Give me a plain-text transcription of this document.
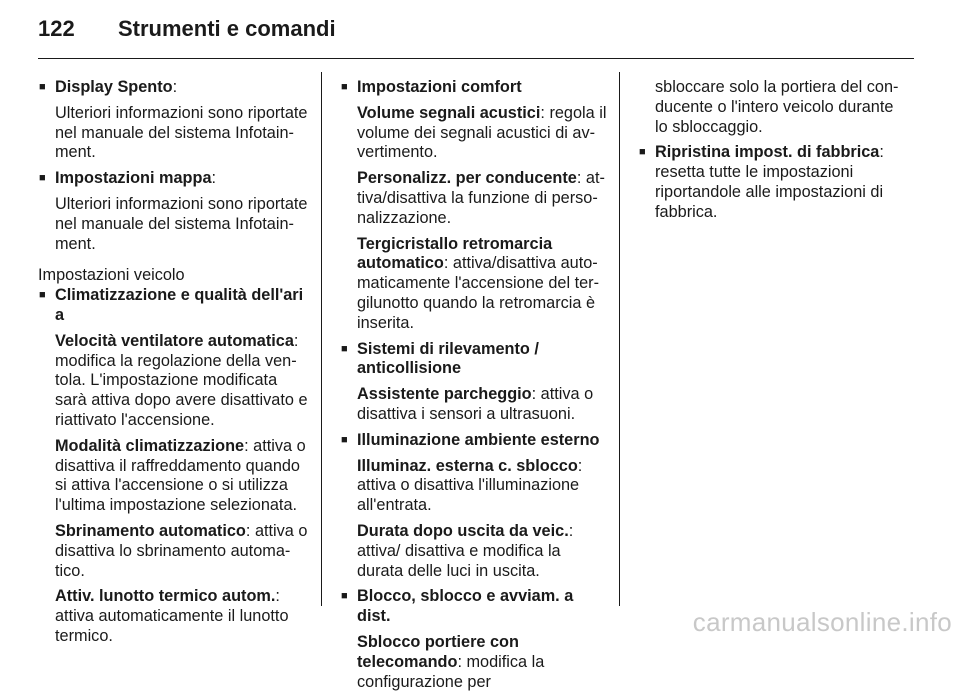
122 Strumenti e comandi
■ Display Spento:
Ulteriori informazioni sono riportate nel manuale del sistema Infotainment.
■ Impostazioni mappa:
Ulteriori informazioni sono riportate nel manuale del sistema Infotainment.
Impostazioni veicolo
■ Climatizzazione e qualità dell'ari a
Velocità ventilatore automatica: modifica la regolazione della ventola. L'impostazione modificata sarà attiva dopo avere disattivato e riattivato l'accensione.
Modalità climatizzazione: attiva o disattiva il raffreddamento quando si attiva l'accensione o si utilizza l'ultima impostazione selezionata.
Sbrinamento automatico: attiva o disattiva lo sbrinamento automatico.
Attiv. lunotto termico autom.: attiva automaticamente il lunotto termico.
■ Impostazioni comfort
Volume segnali acustici: regola il volume dei segnali acustici di avvertimento.
Personalizz. per conducente: attiva/disattiva la funzione di personalizzazione.
Tergicristallo retromarcia automatico: attiva/disattiva automaticamente l'accensione del tergilunotto quando la retromarcia è inserita.
■ Sistemi di rilevamento / anticollisione
Assistente parcheggio: attiva o disattiva i sensori a ultrasuoni.
■ Illuminazione ambiente esterno
Illuminaz. esterna c. sblocco: attiva o disattiva l'illuminazione all'entrata.
Durata dopo uscita da veic.: attiva/ disattiva e modifica la durata delle luci in uscita.
■ Blocco, sblocco e avviam. a dist.
Sblocco portiere con telecomando: modifica la configurazione per
sbloccare solo la portiera del conducente o l'intero veicolo durante lo sbloccaggio.
■ Ripristina impost. di fabbrica: resetta tutte le impostazioni riportandole alle impostazioni di fabbrica.
carmanualsonline.info
